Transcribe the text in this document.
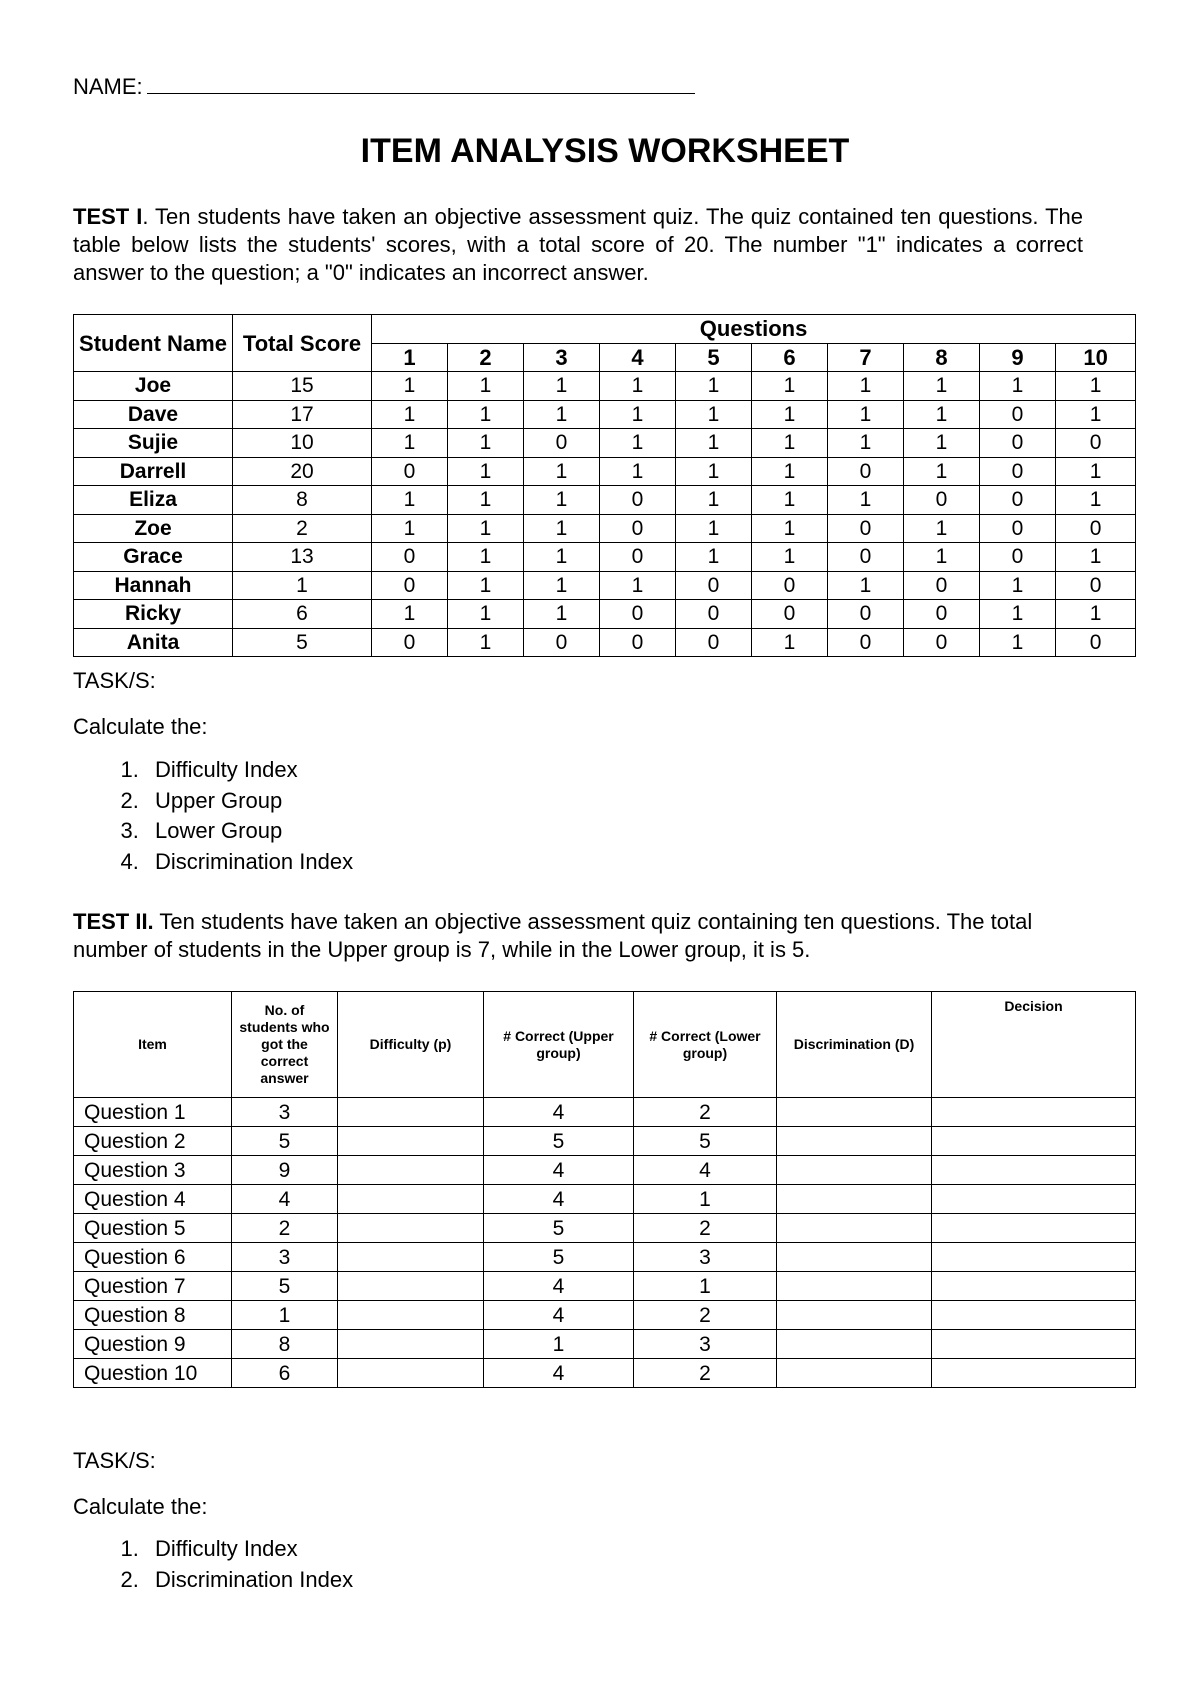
NAME:
ITEM ANALYSIS WORKSHEET
TEST I. Ten students have taken an objective assessment quiz. The quiz contained ten questions. The table below lists the students' scores, with a total score of 20. The number "1" indicates a correct answer to the question; a "0" indicates an incorrect answer.
Student Name	Total Score	Questions									
		1	2	3	4	5	6	7	8	9	10
Joe	15	1	1	1	1	1	1	1	1	1	1
Dave	17	1	1	1	1	1	1	1	1	0	1
Sujie	10	1	1	0	1	1	1	1	1	0	0
Darrell	20	0	1	1	1	1	1	0	1	0	1
Eliza	8	1	1	1	0	1	1	1	0	0	1
Zoe	2	1	1	1	0	1	1	0	1	0	0
Grace	13	0	1	1	0	1	1	0	1	0	1
Hannah	1	0	1	1	1	0	0	1	0	1	0
Ricky	6	1	1	1	0	0	0	0	0	1	1
Anita	5	0	1	0	0	0	1	0	0	1	0
TASK/S:
Calculate the:
1. Difficulty Index
2. Upper Group
3. Lower Group
4. Discrimination Index
TEST II. Ten students have taken an objective assessment quiz containing ten questions. The total number of students in the Upper group is 7, while in the Lower group, it is 5.
Item	No. of students who got the correct answer	Difficulty (p)	# Correct (Upper group)	# Correct (Lower group)	Discrimination (D)	Decision
Question 1	3		4	2		
Question 2	5		5	5		
Question 3	9		4	4		
Question 4	4		4	1		
Question 5	2		5	2		
Question 6	3		5	3		
Question 7	5		4	1		
Question 8	1		4	2		
Question 9	8		1	3		
Question 10	6		4	2		
TASK/S:
Calculate the:
1. Difficulty Index
2. Discrimination Index
